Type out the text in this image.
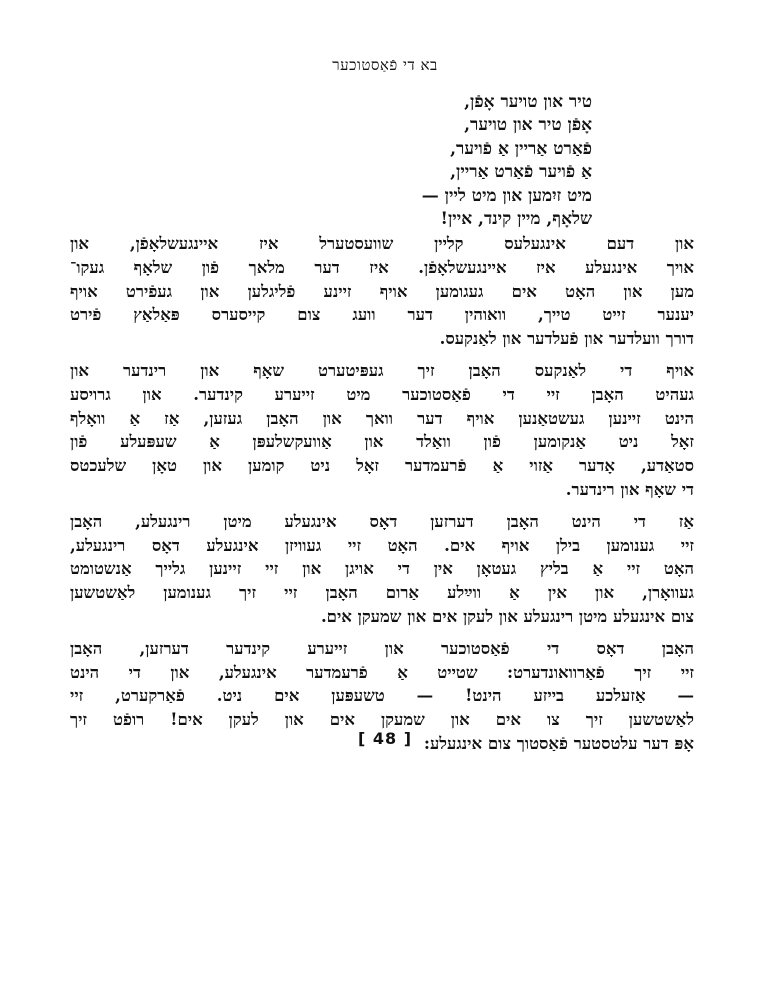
בא די פֿאַסטוכער
טיר און טויער אָפֿן,
אָפֿן טיר און טויער,
פֿאַרט אַריין אַ פֿויער,
אַ פֿויער פֿאַרט אַריין,
מיט זיִמען און מיט ליין —
שלאָף, מיין קינד, איין!
און דעם אינגעלעס קליין שוועסטערל איז איינגעשלאָפֿן, און
אויך אינגעלע איז איינגעשלאָפֿן. איז דער מלאך פֿון שלאָף געקו־
מען און האָט אים געגומען אויף זיינע פֿליגלען און געפֿירט אויף
יענער זייט טייך, וואוהין דער וועג צום קייסערס פּאַלאַץ פֿירט
דורך וועלדער און פֿעלדער און לאַנקעס.
אויף די לאַנקעס האָבן זיך געפּיטערט שאָף און רינדער און
געהיט האָבן זיי די פֿאַסטוכער מיט זייערע קינדער. און גרויסע
הינט זיינען געשטאַנען אויף דער וואך און האָבן געזען, אַז אַ וואָלף
זאָל ניט אַנקומען פֿון וואַלד און אַוועקשלעפּן אַ שעפּעלע פֿון
סטאַדע, אָדער אַזוי אַ פֿרעמדער זאָל ניט קומען און טאָן שלעכטס
די שאָף און רינדער.
אַז די הינט האָבן דערזען דאָס אינגעלע מיטן רינגעלע, האָבן
זיי גענומען בילן אויף אים. האָט זיי געוויזן אינגעלע דאָס רינגעלע,
האָט זיי אַ בליץ געטאָן אין די אויגן און זיי זיינען גלייך אַנשטומט
געוואָרן, און אין אַ ווײַלע אַרום האָבן זיי זיך גענומען לאַשטשען
צום אינגעלע מיטן רינגעלע און לעקן אים און שמעקן אים.
האָבן דאָס די פֿאַסטוכער און זייערע קינדער דערזען, האָבן
זיי זיך פֿאַרוואונדערט: שטייט אַ פֿרעמדער אינגעלע, און די הינט
— אַזעלכע בייזע הינט! — טשעפּען אים ניט. פֿאַרקערט, זיי
לאַשטשען זיך צו אים און שמעקן אים און לעקן אים! רופֿט זיך
אָפּ דער עלטסטער פֿאַסטוך צום אינגעלע:
[ 48 ]
